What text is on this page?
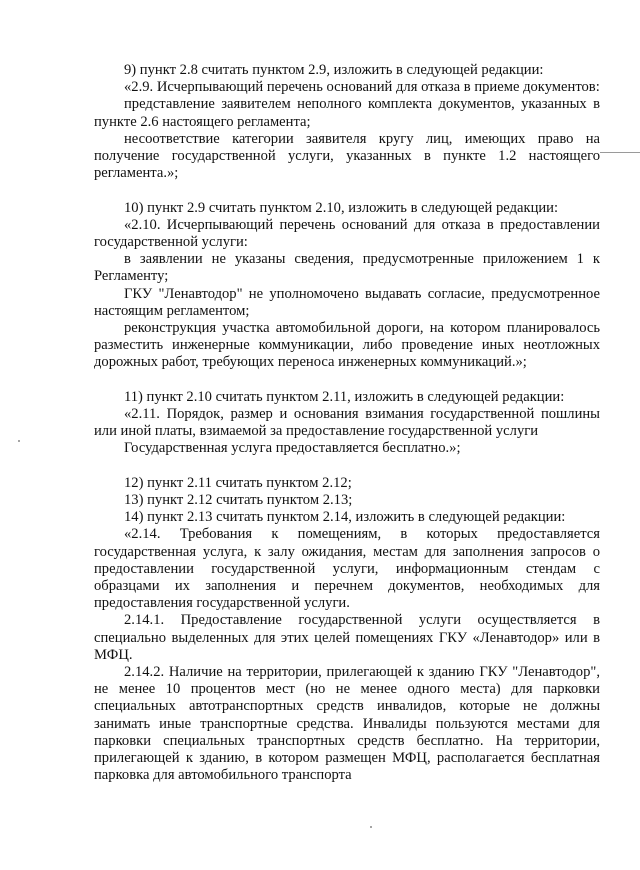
9) пункт 2.8 считать пунктом 2.9, изложить в следующей редакции:

«2.9. Исчерпывающий перечень оснований для отказа в приеме документов:

представление заявителем неполного комплекта документов, указанных в пункте 2.6 настоящего регламента;

несоответствие категории заявителя кругу лиц, имеющих право на получение государственной услуги, указанных в пункте 1.2 настоящего регламента.»;

10) пункт 2.9 считать пунктом 2.10, изложить в следующей редакции:

«2.10. Исчерпывающий перечень оснований для отказа в предоставлении государственной услуги:

в заявлении не указаны сведения, предусмотренные приложением 1 к Регламенту;

ГКУ "Ленавтодор" не уполномочено выдавать согласие, предусмотренное настоящим регламентом;

реконструкция участка автомобильной дороги, на котором планировалось разместить инженерные коммуникации, либо проведение иных неотложных дорожных работ, требующих переноса инженерных коммуникаций.»;

11) пункт 2.10 считать пунктом 2.11, изложить в следующей редакции:

«2.11. Порядок, размер и основания взимания государственной пошлины или иной платы, взимаемой за предоставление государственной услуги

Государственная услуга предоставляется бесплатно.»;

12) пункт 2.11 считать пунктом 2.12;

13) пункт 2.12 считать пунктом 2.13;

14) пункт 2.13 считать пунктом 2.14, изложить в следующей редакции:

«2.14. Требования к помещениям, в которых предоставляется государственная услуга, к залу ожидания, местам для заполнения запросов о предоставлении государственной услуги, информационным стендам с образцами их заполнения и перечнем документов, необходимых для предоставления государственной услуги.

2.14.1. Предоставление государственной услуги осуществляется в специально выделенных для этих целей помещениях ГКУ «Ленавтодор» или в МФЦ.

2.14.2. Наличие на территории, прилегающей к зданию ГКУ "Ленавтодор", не менее 10 процентов мест (но не менее одного места) для парковки специальных автотранспортных средств инвалидов, которые не должны занимать иные транспортные средства. Инвалиды пользуются местами для парковки специальных транспортных средств бесплатно. На территории, прилегающей к зданию, в котором размещен МФЦ, располагается бесплатная парковка для автомобильного транспорта
